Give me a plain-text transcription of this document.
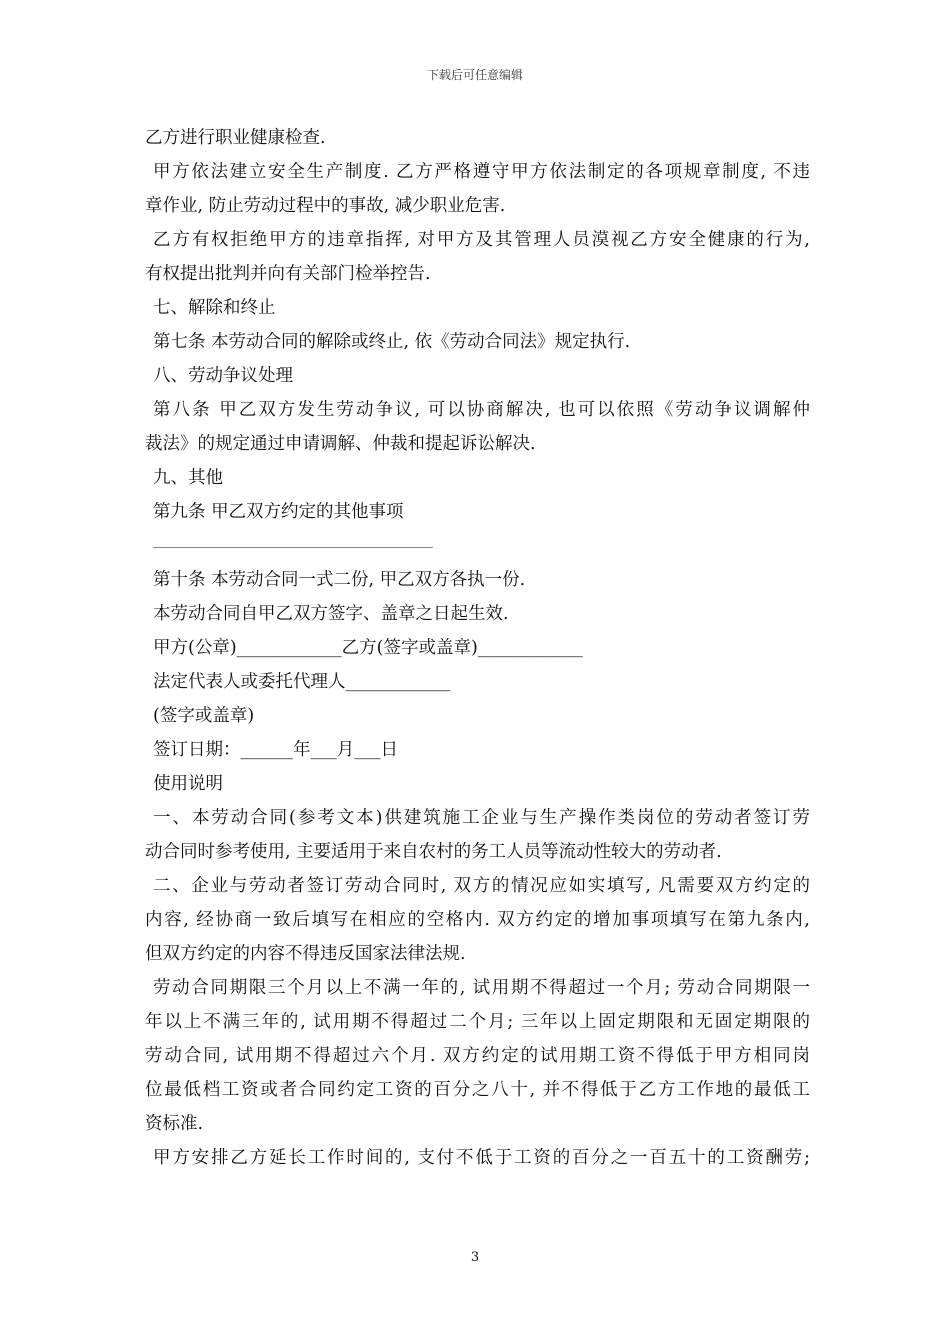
下载后可任意编辑

乙方进行职业健康检查.

甲方依法建立安全生产制度. 乙方严格遵守甲方依法制定的各项规章制度, 不违

章作业, 防止劳动过程中的事故, 减少职业危害.

乙方有权拒绝甲方的违章指挥, 对甲方及其管理人员漠视乙方安全健康的行为,

有权提出批判并向有关部门检举控告.

七、解除和终止

第七条 本劳动合同的解除或终止, 依《劳动合同法》规定执行.

八、劳动争议处理

第八条 甲乙双方发生劳动争议, 可以协商解决, 也可以依照《劳动争议调解仲

裁法》的规定通过申请调解、仲裁和提起诉讼解决.

九、其他

第九条 甲乙双方约定的其他事项

第十条 本劳动合同一式二份, 甲乙双方各执一份.

本劳动合同自甲乙双方签字、盖章之日起生效.

甲方(公章)____________乙方(签字或盖章)____________

法定代表人或委托代理人____________

(签字或盖章)

签订日期：______年___月___日

使用说明

一、本劳动合同(参考文本)供建筑施工企业与生产操作类岗位的劳动者签订劳

动合同时参考使用, 主要适用于来自农村的务工人员等流动性较大的劳动者.

二、企业与劳动者签订劳动合同时, 双方的情况应如实填写, 凡需要双方约定的

内容, 经协商一致后填写在相应的空格内. 双方约定的增加事项填写在第九条内,

但双方约定的内容不得违反国家法律法规.

劳动合同期限三个月以上不满一年的, 试用期不得超过一个月; 劳动合同期限一

年以上不满三年的, 试用期不得超过二个月; 三年以上固定期限和无固定期限的

劳动合同, 试用期不得超过六个月. 双方约定的试用期工资不得低于甲方相同岗

位最低档工资或者合同约定工资的百分之八十, 并不得低于乙方工作地的最低工

资标准.

甲方安排乙方延长工作时间的, 支付不低于工资的百分之一百五十的工资酬劳;

3
